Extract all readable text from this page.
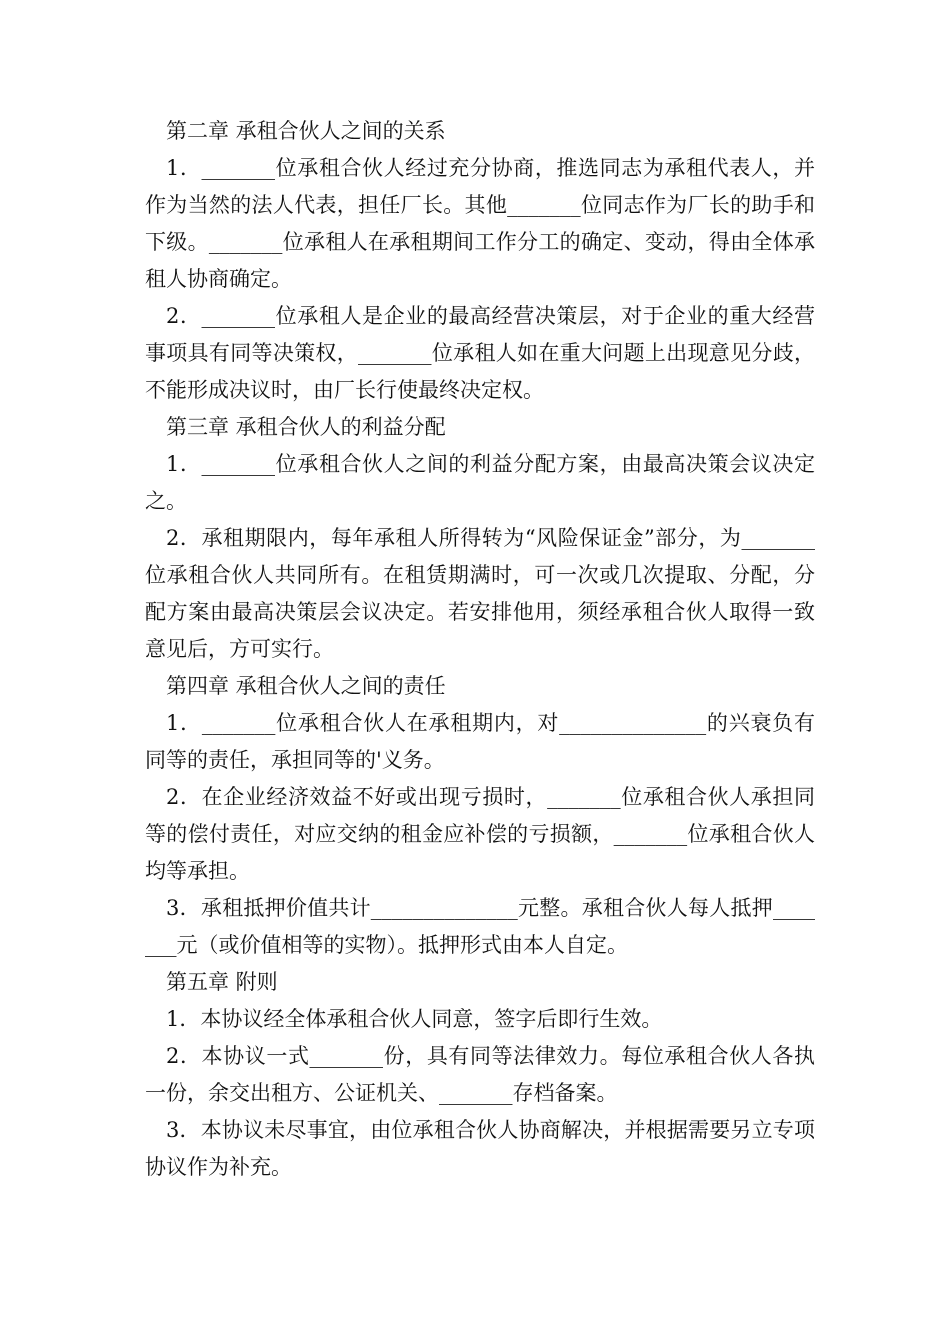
第二章 承租合伙人之间的关系

1．_______位承租合伙人经过充分协商，推选同志为承租代表人，并作为当然的法人代表，担任厂长。其他_______位同志作为厂长的助手和下级。_______位承租人在承租期间工作分工的确定、变动，得由全体承租人协商确定。

2．_______位承租人是企业的最高经营决策层，对于企业的重大经营事项具有同等决策权，_______位承租人如在重大问题上出现意见分歧，不能形成决议时，由厂长行使最终决定权。

第三章 承租合伙人的利益分配

1．_______位承租合伙人之间的利益分配方案，由最高决策会议决定之。

2．承租期限内，每年承租人所得转为“风险保证金”部分，为_______位承租合伙人共同所有。在租赁期满时，可一次或几次提取、分配，分配方案由最高决策层会议决定。若安排他用，须经承租合伙人取得一致意见后，方可实行。

第四章 承租合伙人之间的责任

1．_______位承租合伙人在承租期内，对______________的兴衰负有同等的责任，承担同等的'义务。

2．在企业经济效益不好或出现亏损时，_______位承租合伙人承担同等的偿付责任，对应交纳的租金应补偿的亏损额，_______位承租合伙人均等承担。

3．承租抵押价值共计______________元整。承租合伙人每人抵押_______元（或价值相等的实物）。抵押形式由本人自定。

第五章 附则

1．本协议经全体承租合伙人同意，签字后即行生效。

2．本协议一式_______份，具有同等法律效力。每位承租合伙人各执一份，余交出租方、公证机关、_______存档备案。

3．本协议未尽事宜，由位承租合伙人协商解决，并根据需要另立专项协议作为补充。
